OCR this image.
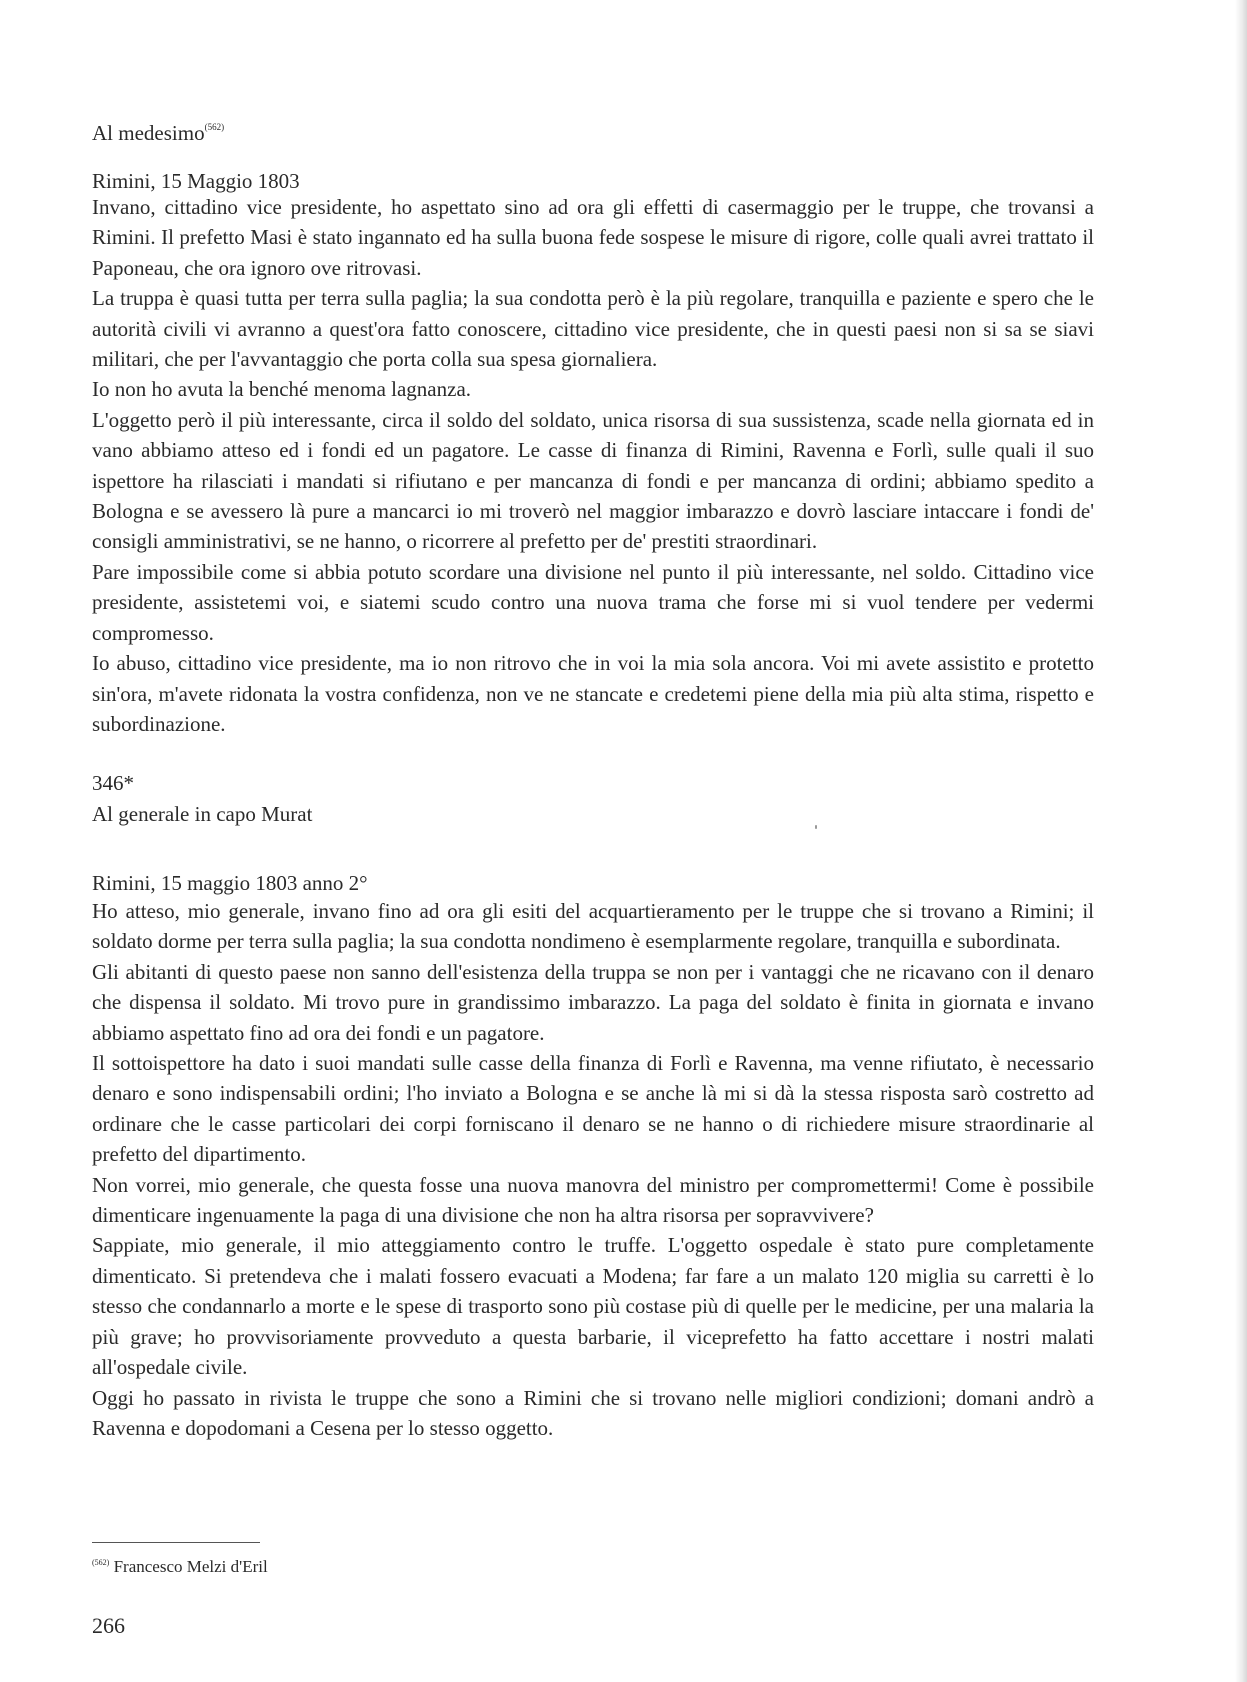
Al medesimo$^{(562)}$
Rimini, 15 Maggio 1803

Invano, cittadino vice presidente, ho aspettato sino ad ora gli effetti di casermaggio per le truppe, che trovansi a Rimini. Il prefetto Masi è stato ingannato ed ha sulla buona fede sospese le misure di rigore, colle quali avrei trattato il Paponeau, che ora ignoro ove ritrovasi.

La truppa è quasi tutta per terra sulla paglia; la sua condotta però è la più regolare, tranquilla e paziente e spero che le autorità civili vi avranno a quest'ora fatto conoscere, cittadino vice presidente, che in questi paesi non si sa se siavi militari, che per l'avvantaggio che porta colla sua spesa giornaliera.

Io non ho avuta la benché menoma lagnanza.

L'oggetto però il più interessante, circa il soldo del soldato, unica risorsa di sua sussistenza, scade nella giornata ed in vano abbiamo atteso ed i fondi ed un pagatore. Le casse di finanza di Rimini, Ravenna e Forlì, sulle quali il suo ispettore ha rilasciati i mandati si rifiutano e per mancanza di fondi e per mancanza di ordini; abbiamo spedito a Bologna e se avessero là pure a mancarci io mi troverò nel maggior imbarazzo e dovrò lasciare intaccare i fondi de' consigli amministrativi, se ne hanno, o ricorrere al prefetto per de' prestiti straordinari.

Pare impossibile come si abbia potuto scordare una divisione nel punto il più interessante, nel soldo. Cittadino vice presidente, assistetemi voi, e siatemi scudo contro una nuova trama che forse mi si vuol tendere per vedermi compromesso.

Io abuso, cittadino vice presidente, ma io non ritrovo che in voi la mia sola ancora. Voi mi avete assistito e protetto sin'ora, m'avete ridonata la vostra confidenza, non ve ne stancate e credetemi piene della mia più alta stima, rispetto e subordinazione.

346*
Al generale in capo Murat
Rimini, 15 maggio 1803 anno 2°

Ho atteso, mio generale, invano fino ad ora gli esiti del acquartieramento per le truppe che si trovano a Rimini; il soldato dorme per terra sulla paglia; la sua condotta nondimeno è esemplarmente regolare, tranquilla e subordinata.

Gli abitanti di questo paese non sanno dell'esistenza della truppa se non per i vantaggi che ne ricavano con il denaro che dispensa il soldato. Mi trovo pure in grandissimo imbarazzo. La paga del soldato è finita in giornata e invano abbiamo aspettato fino ad ora dei fondi e un pagatore.

Il sottoispettore ha dato i suoi mandati sulle casse della finanza di Forlì e Ravenna, ma venne rifiutato, è necessario denaro e sono indispensabili ordini; l'ho inviato a Bologna e se anche là mi si dà la stessa risposta sarò costretto ad ordinare che le casse particolari dei corpi forniscano il denaro se ne hanno o di richiedere misure straordinarie al prefetto del dipartimento.

Non vorrei, mio generale, che questa fosse una nuova manovra del ministro per compromettermi! Come è possibile dimenticare ingenuamente la paga di una divisione che non ha altra risorsa per sopravvivere?

Sappiate, mio generale, il mio atteggiamento contro le truffe. L'oggetto ospedale è stato pure completamente dimenticato. Si pretendeva che i malati fossero evacuati a Modena; far fare a un malato 120 miglia su carretti è lo stesso che condannarlo a morte e le spese di trasporto sono più costase più di quelle per le medicine, per una malaria la più grave; ho provvisoriamente provveduto a questa barbarie, il viceprefetto ha fatto accettare i nostri malati all'ospedale civile.

Oggi ho passato in rivista le truppe che sono a Rimini che si trovano nelle migliori condizioni; domani andrò a Ravenna e dopodomani a Cesena per lo stesso oggetto.

$^{(562)}$ Francesco Melzi d'Eril
266
